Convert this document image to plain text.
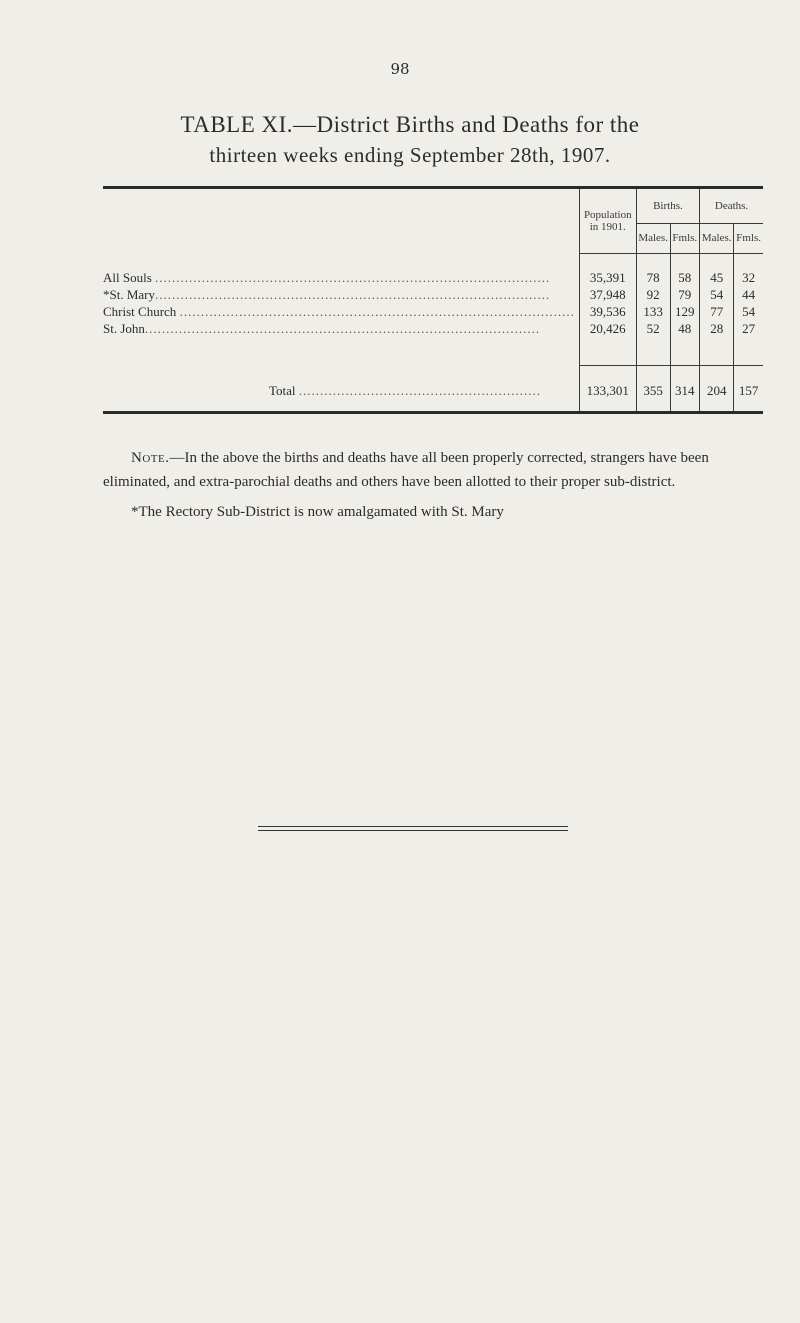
98
TABLE XI.—District Births and Deaths for the
thirteen weeks ending September 28th, 1907.
	Population in 1901.	Births.		Deaths.	
		Males.	Fmls.	Males.	Fmls.

All Souls .............................................................................................	35,391	78	58	45	32
*St. Mary.............................................................................................	37,948	92	79	54	44
Christ Church .............................................................................................	39,536	133	129	77	54
St. John.............................................................................................	20,426	52	48	28	27

Total .........................................................	133,301	355	314	204	157

Note.—In the above the births and deaths have all been properly corrected, strangers have been eliminated, and extra-parochial deaths and others have been allotted to their proper sub-district.

*The Rectory Sub-District is now amalgamated with St. Mary
